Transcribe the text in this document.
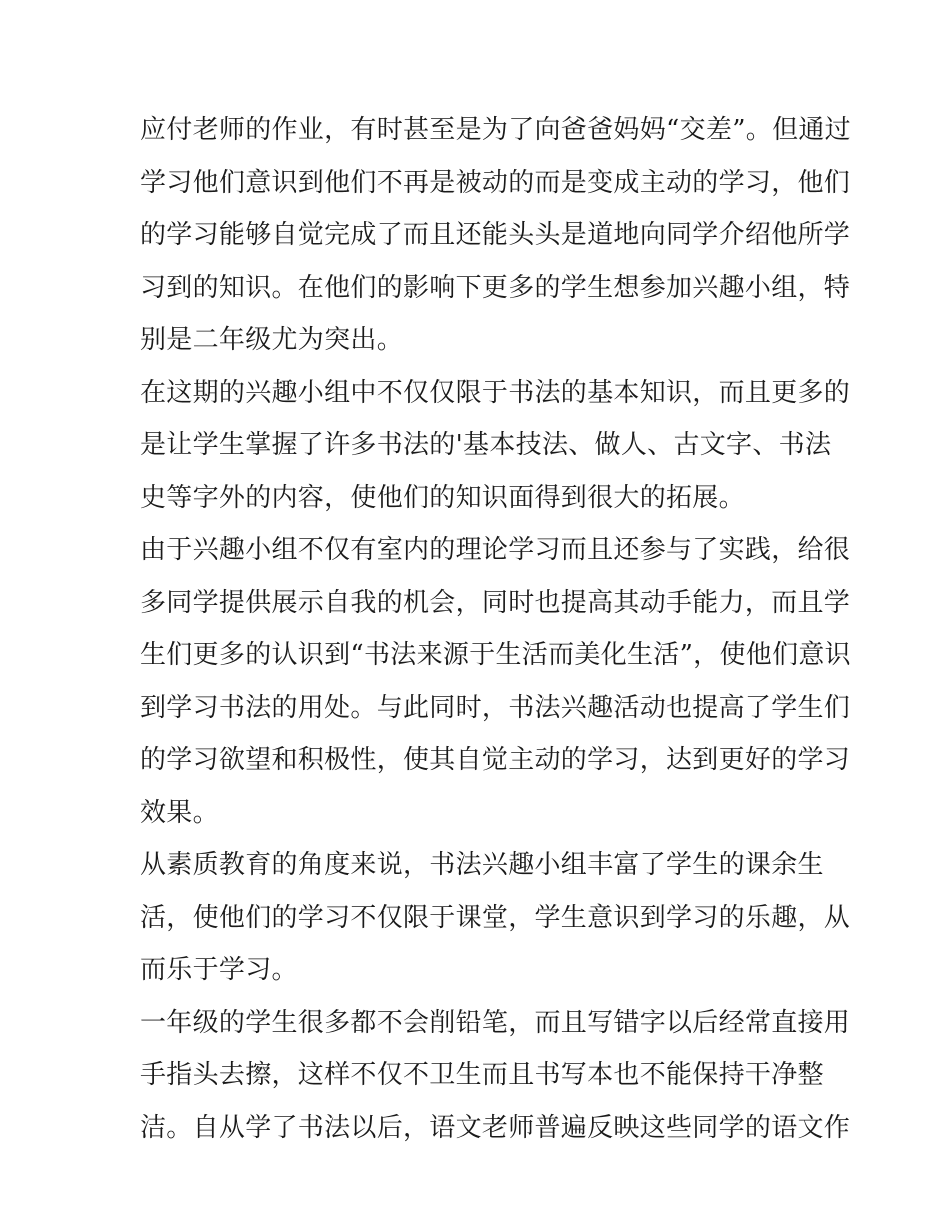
应付老师的作业，有时甚至是为了向爸爸妈妈“交差”。但通过
学习他们意识到他们不再是被动的而是变成主动的学习，他们
的学习能够自觉完成了而且还能头头是道地向同学介绍他所学
习到的知识。在他们的影响下更多的学生想参加兴趣小组，特
别是二年级尤为突出。
在这期的兴趣小组中不仅仅限于书法的基本知识，而且更多的
是让学生掌握了许多书法的'基本技法、做人、古文字、书法
史等字外的内容，使他们的知识面得到很大的拓展。
由于兴趣小组不仅有室内的理论学习而且还参与了实践，给很
多同学提供展示自我的机会，同时也提高其动手能力，而且学
生们更多的认识到“书法来源于生活而美化生活”，使他们意识
到学习书法的用处。与此同时，书法兴趣活动也提高了学生们
的学习欲望和积极性，使其自觉主动的学习，达到更好的学习
效果。
从素质教育的角度来说，书法兴趣小组丰富了学生的课余生
活，使他们的学习不仅限于课堂，学生意识到学习的乐趣，从
而乐于学习。
一年级的学生很多都不会削铅笔，而且写错字以后经常直接用
手指头去擦，这样不仅不卫生而且书写本也不能保持干净整
洁。自从学了书法以后，语文老师普遍反映这些同学的语文作
